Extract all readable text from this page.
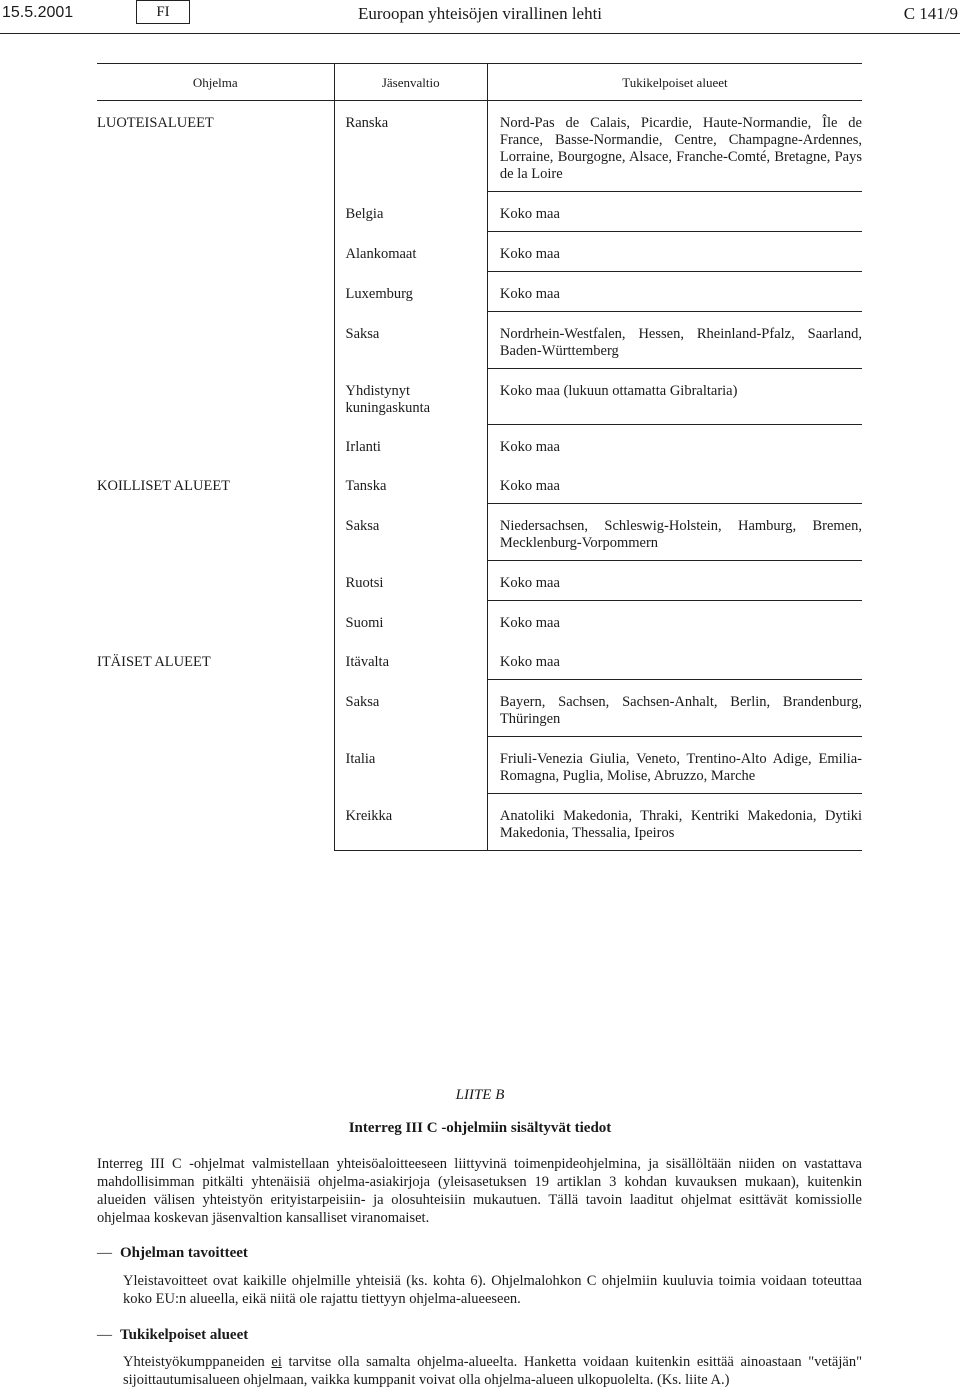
15.5.2001	FI	Euroopan yhteisöjen virallinen lehti	C 141/9
Ohjelma	Jäsenvaltio	Tukikelpoiset alueet
LUOTEISALUEET	Ranska	Nord-Pas de Calais, Picardie, Haute-Normandie, Île de France, Basse-Normandie, Centre, Champagne-Ardennes, Lorraine, Bourgogne, Alsace, Franche-Comté, Bretagne, Pays de la Loire
	Belgia	Koko maa
	Alankomaat	Koko maa
	Luxemburg	Koko maa
	Saksa	Nordrhein-Westfalen, Hessen, Rheinland-Pfalz, Saarland, Baden-Württemberg
	Yhdistynyt kuningaskunta	Koko maa (lukuun ottamatta Gibraltaria)
	Irlanti	Koko maa
KOILLISET ALUEET	Tanska	Koko maa
	Saksa	Niedersachsen, Schleswig-Holstein, Hamburg, Bremen, Mecklenburg-Vorpommern
	Ruotsi	Koko maa
	Suomi	Koko maa
ITÄISET ALUEET	Itävalta	Koko maa
	Saksa	Bayern, Sachsen, Sachsen-Anhalt, Berlin, Brandenburg, Thüringen
	Italia	Friuli-Venezia Giulia, Veneto, Trentino-Alto Adige, Emilia-Romagna, Puglia, Molise, Abruzzo, Marche
	Kreikka	Anatoliki Makedonia, Thraki, Kentriki Makedonia, Dytiki Makedonia, Thessalia, Ipeiros
LIITE B
Interreg III C -ohjelmiin sisältyvät tiedot
Interreg III C -ohjelmat valmistellaan yhteisöaloitteeseen liittyvinä toimenpideohjelmina, ja sisällöltään niiden on vastattava mahdollisimman pitkälti yhtenäisiä ohjelma-asiakirjoja (yleisasetuksen 19 artiklan 3 kohdan kuvauksen mukaan), kuitenkin alueiden välisen yhteistyön erityistarpeisiin- ja olosuhteisiin mukautuen. Tällä tavoin laaditut ohjelmat esittävät komissiolle ohjelmaa koskevan jäsenvaltion kansalliset viranomaiset.
— Ohjelman tavoitteet
Yleistavoitteet ovat kaikille ohjelmille yhteisiä (ks. kohta 6). Ohjelmalohkon C ohjelmiin kuuluvia toimia voidaan toteuttaa koko EU:n alueella, eikä niitä ole rajattu tiettyyn ohjelma-alueeseen.
— Tukikelpoiset alueet
Yhteistyökumppaneiden ei tarvitse olla samalta ohjelma-alueelta. Hanketta voidaan kuitenkin esittää ainoastaan "vetäjän" sijoittautumisalueen ohjelmaan, vaikka kumppanit voivat olla ohjelma-alueen ulkopuolelta. (Ks. liite A.)
